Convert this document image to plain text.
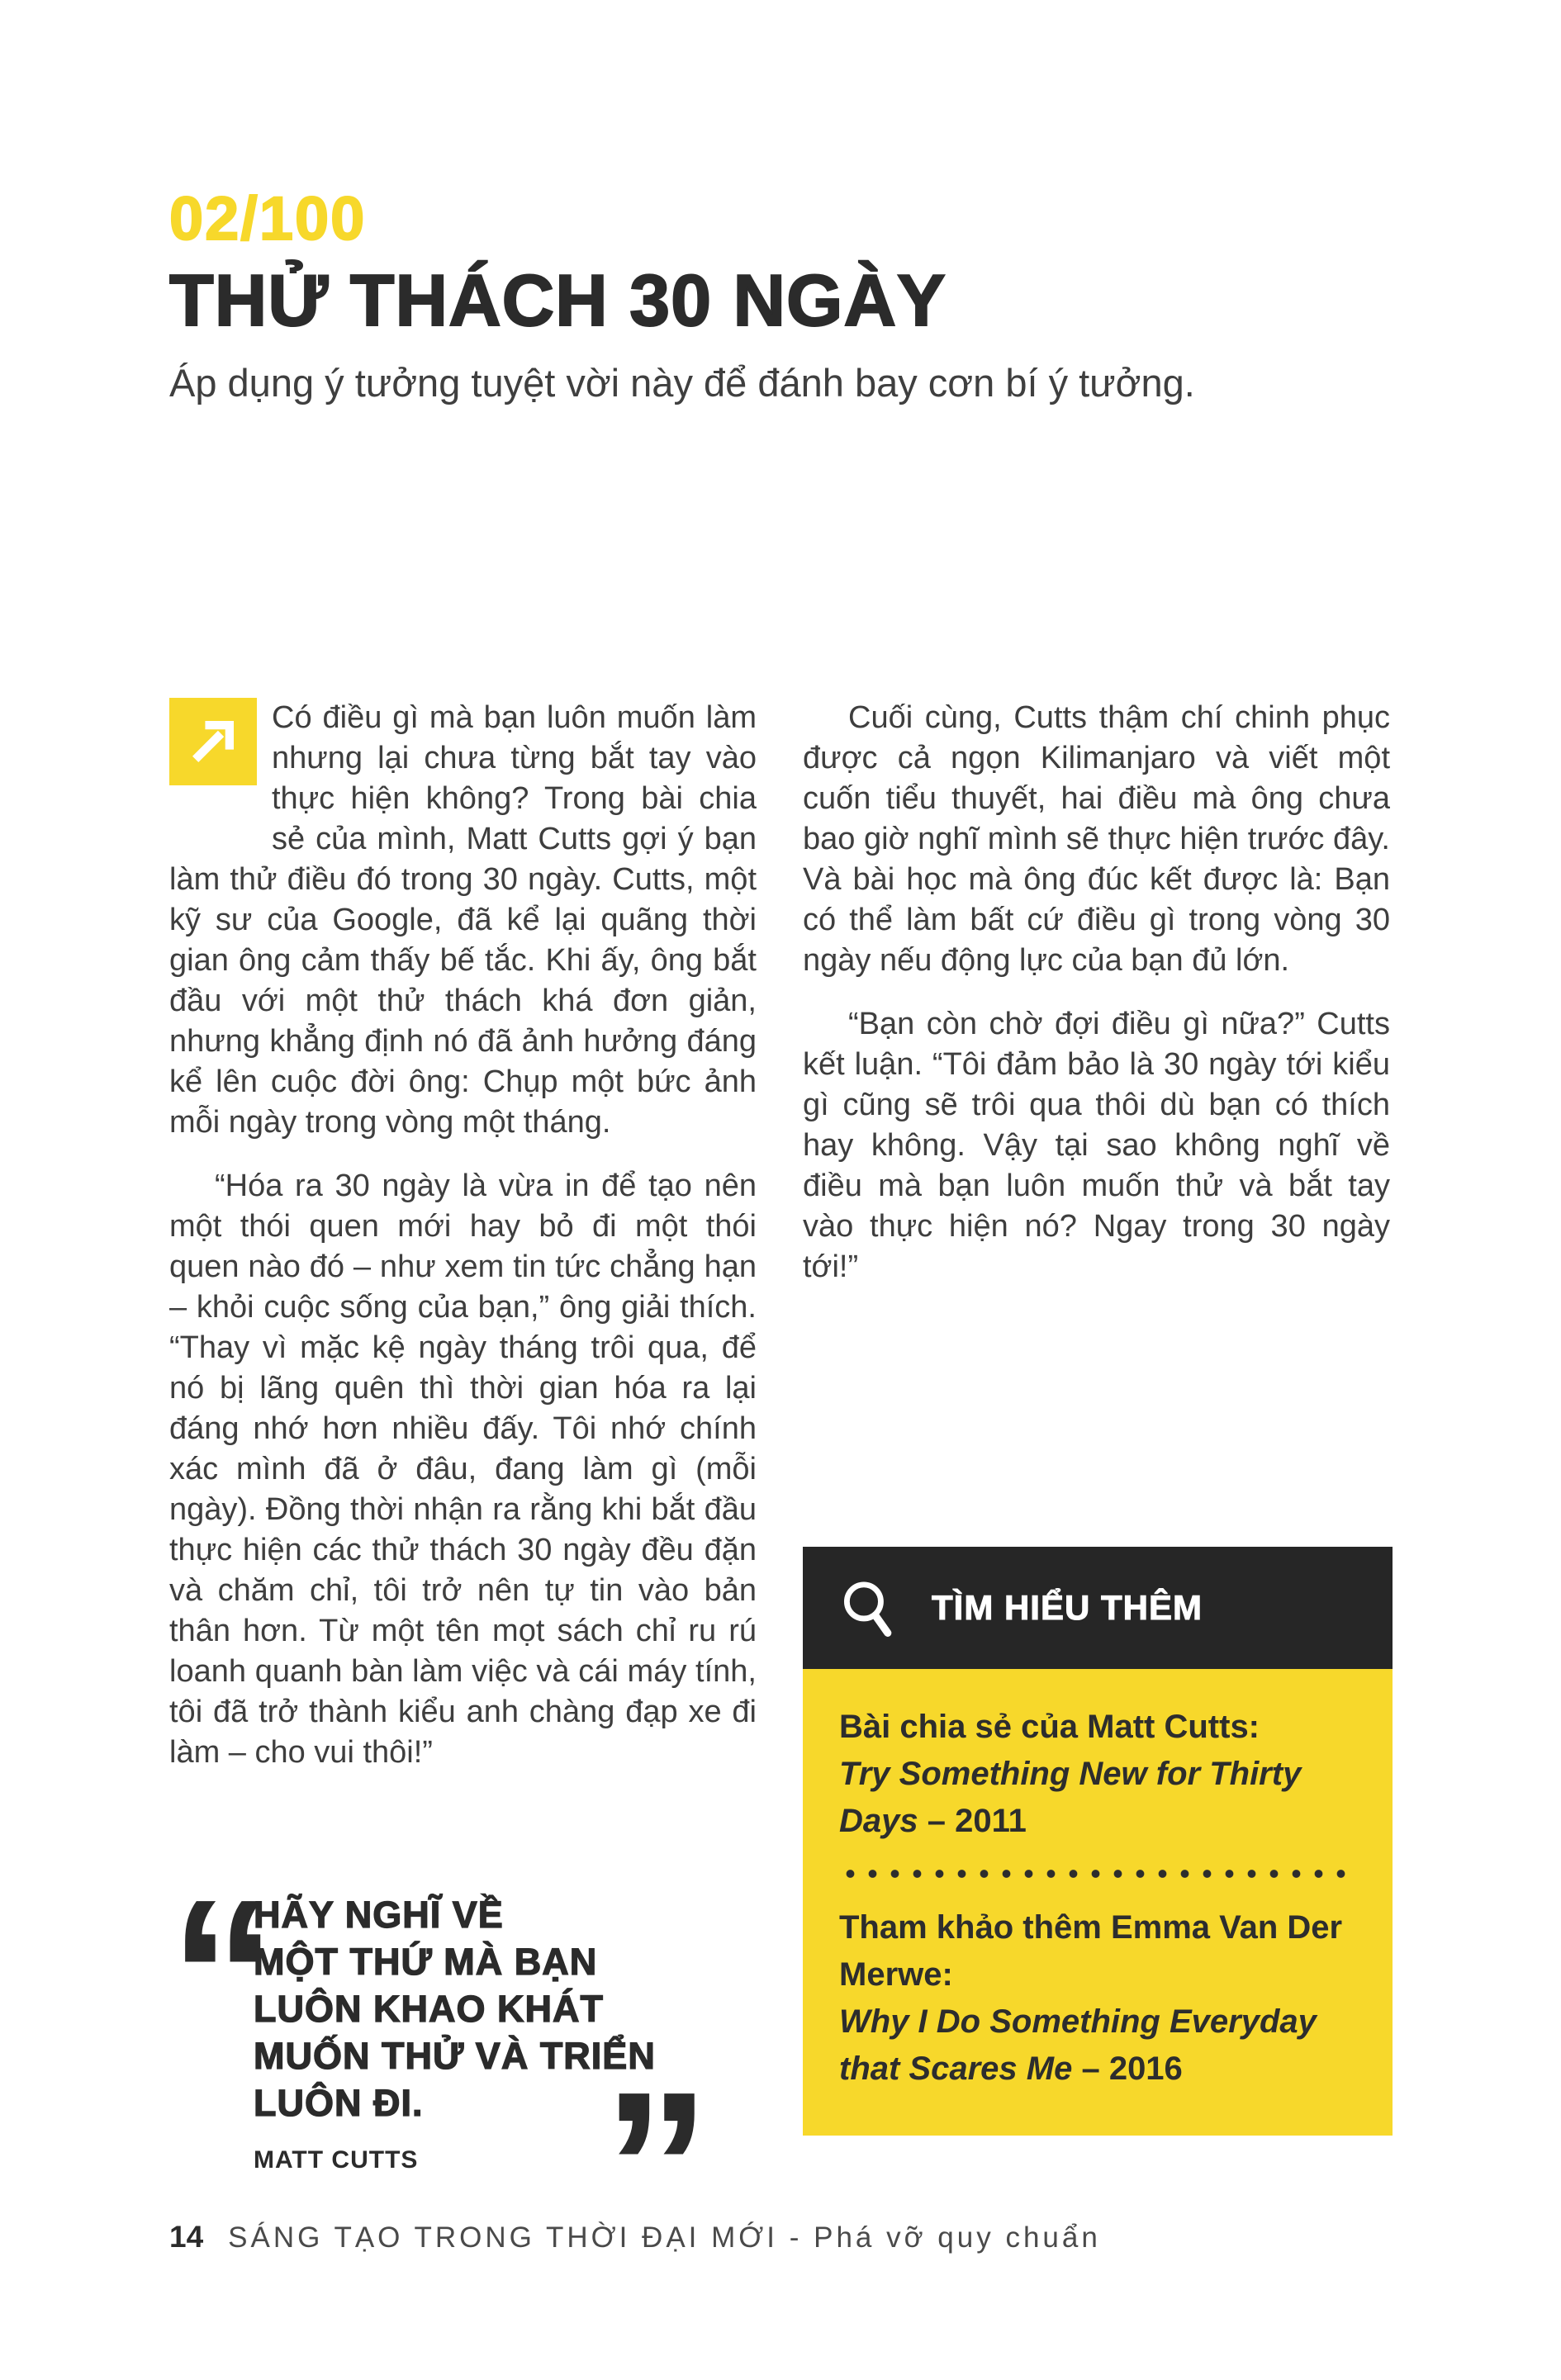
02/100
THỬ THÁCH 30 NGÀY
Áp dụng ý tưởng tuyệt vời này để đánh bay cơn bí ý tưởng.

Có điều gì mà bạn luôn muốn làm nhưng lại chưa từng bắt tay vào thực hiện không? Trong bài chia sẻ của mình, Matt Cutts gợi ý bạn làm thử điều đó trong 30 ngày. Cutts, một kỹ sư của Google, đã kể lại quãng thời gian ông cảm thấy bế tắc. Khi ấy, ông bắt đầu với một thử thách khá đơn giản, nhưng khẳng định nó đã ảnh hưởng đáng kể lên cuộc đời ông: Chụp một bức ảnh mỗi ngày trong vòng một tháng.

“Hóa ra 30 ngày là vừa in để tạo nên một thói quen mới hay bỏ đi một thói quen nào đó – như xem tin tức chẳng hạn – khỏi cuộc sống của bạn,” ông giải thích. “Thay vì mặc kệ ngày tháng trôi qua, để nó bị lãng quên thì thời gian hóa ra lại đáng nhớ hơn nhiều đấy. Tôi nhớ chính xác mình đã ở đâu, đang làm gì (mỗi ngày). Đồng thời nhận ra rằng khi bắt đầu thực hiện các thử thách 30 ngày đều đặn và chăm chỉ, tôi trở nên tự tin vào bản thân hơn. Từ một tên mọt sách chỉ ru rú loanh quanh bàn làm việc và cái máy tính, tôi đã trở thành kiểu anh chàng đạp xe đi làm – cho vui thôi!”

Cuối cùng, Cutts thậm chí chinh phục được cả ngọn Kilimanjaro và viết một cuốn tiểu thuyết, hai điều mà ông chưa bao giờ nghĩ mình sẽ thực hiện trước đây. Và bài học mà ông đúc kết được là: Bạn có thể làm bất cứ điều gì trong vòng 30 ngày nếu động lực của bạn đủ lớn.

“Bạn còn chờ đợi điều gì nữa?” Cutts kết luận. “Tôi đảm bảo là 30 ngày tới kiểu gì cũng sẽ trôi qua thôi dù bạn có thích hay không. Vậy tại sao không nghĩ về điều mà bạn luôn muốn thử và bắt tay vào thực hiện nó? Ngay trong 30 ngày tới!”

TÌM HIỂU THÊM
Bài chia sẻ của Matt Cutts:
Try Something New for Thirty Days – 2011
Tham khảo thêm Emma Van Der Merwe:
Why I Do Something Everyday that Scares Me – 2016
“
HÃY NGHĨ VỀ
MỘT THỨ MÀ BẠN
LUÔN KHAO KHÁT
MUỐN THỬ VÀ TRIỂN
LUÔN ĐI.
MATT CUTTS ”
14 SÁNG TẠO TRONG THỜI ĐẠI MỚI - Phá vỡ quy chuẩn
